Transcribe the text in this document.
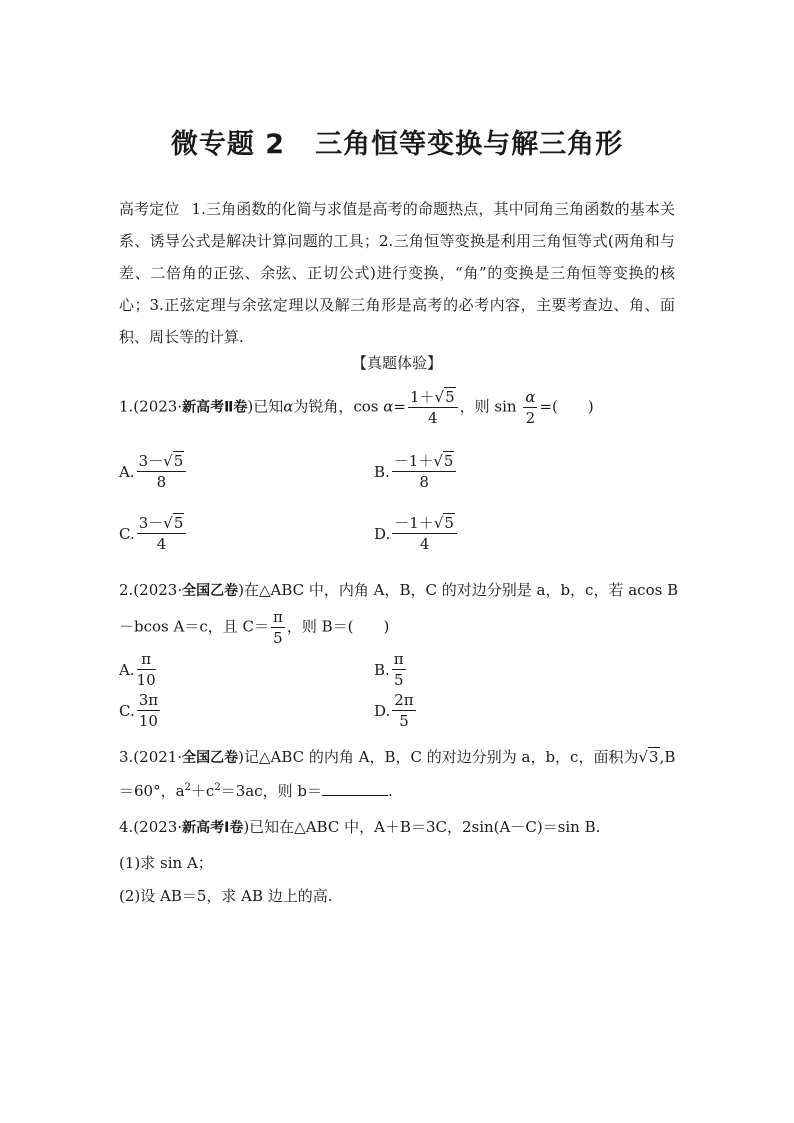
微专题 2 三角恒等变换与解三角形
高考定位 1.三角函数的化简与求值是高考的命题热点，其中同角三角函数的基本关系、诱导公式是解决计算问题的工具；2.三角恒等变换是利用三角恒等式(两角和与差、二倍角的正弦、余弦、正切公式)进行变换，“角”的变换是三角恒等变换的核心；3.正弦定理与余弦定理以及解三角形是高考的必考内容，主要考查边、角、面积、周长等的计算.
【真题体验】
1.(2023·新高考Ⅱ卷)已知α为锐角，$\cos \alpha= \frac{1+√5}{4}$ ，则 $\sin \frac{\alpha}{2}$ =(　　)
A. $\frac{3-√5}{8}$	B. $\frac{-1+√5}{8}$
C. $\frac{3-√5}{4}$	D. $\frac{-1+√5}{4}$
2.(2023·全国乙卷)在△ABC 中，内角 A，B，C 的对边分别是 a，b，c，若 acos B
－bcos A＝c，且 $C= \frac{\pi}{5}$ ，则 B＝(　　)
A. $\frac{\pi}{10}$	B. $\frac{\pi}{5}$
C. $\frac{3\pi}{10}$	D. $\frac{2\pi}{5}$
3.(2021·全国乙卷)记△ABC 的内角 A，B，C 的对边分别为 a，b，c，面积为√3,B
＝60°，$a^2+c^2=3ac$，则 b＝	.
4.(2023·新高考Ⅰ卷)已知在△ABC 中，A＋B＝3C，2sin(A－C)＝sin B.
(1)求 sin A；
(2)设 AB＝5，求 AB 边上的高.
